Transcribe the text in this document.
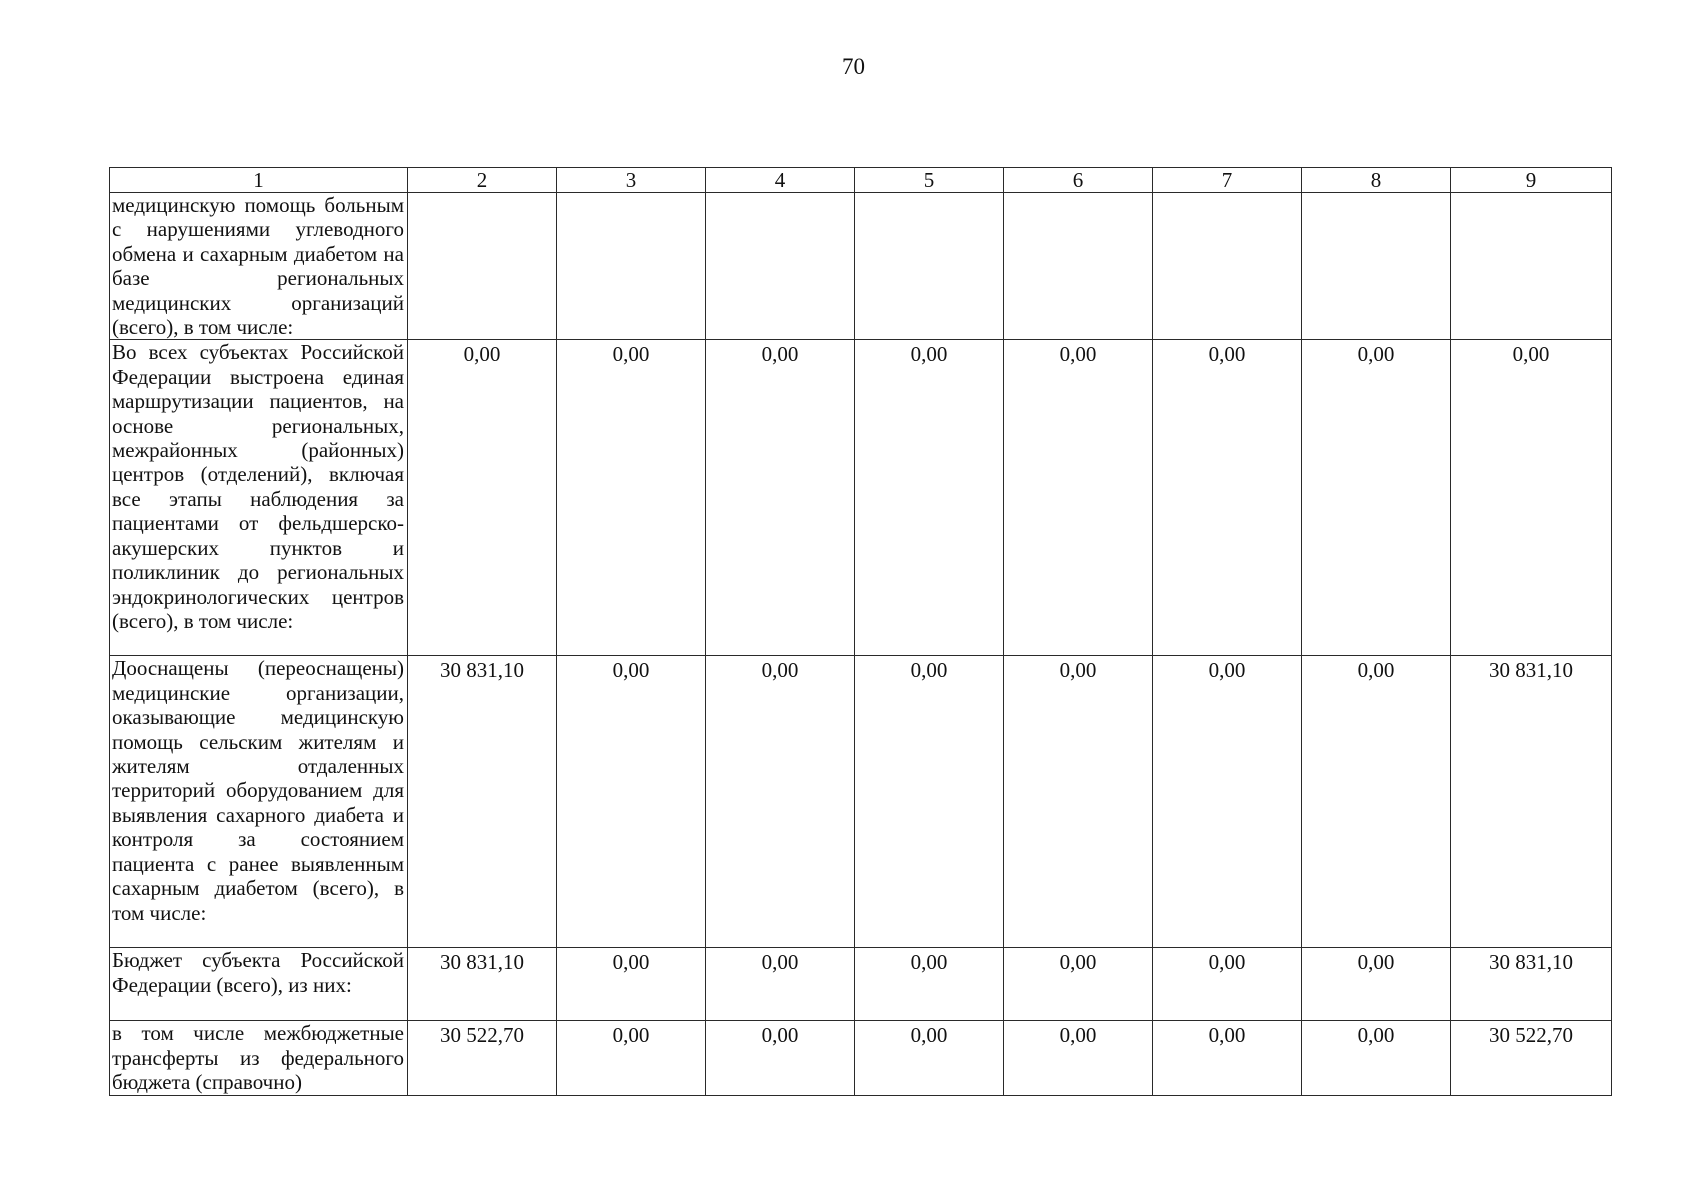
70
1	2	3	4	5	6	7	8	9
медицинскую помощь больным с нарушениями углеводного обмена и сахарным диабетом на базе региональных медицинских организаций (всего), в том числе:								
Во всех субъектах Российской Федерации выстроена единая маршрутизации пациентов, на основе региональных, межрайонных (районных) центров (отделений), включая все этапы наблюдения за пациентами от фельдшерско-акушерских пунктов и поликлиник до региональных эндокринологических центров (всего), в том числе:	0,00	0,00	0,00	0,00	0,00	0,00	0,00	0,00
Дооснащены (переоснащены) медицинские организации, оказывающие медицинскую помощь сельским жителям и жителям отдаленных территорий оборудованием для выявления сахарного диабета и контроля за состоянием пациента с ранее выявленным сахарным диабетом (всего), в том числе:	30 831,10	0,00	0,00	0,00	0,00	0,00	0,00	30 831,10
Бюджет субъекта Российской Федерации (всего), из них:	30 831,10	0,00	0,00	0,00	0,00	0,00	0,00	30 831,10
в том числе межбюджетные трансферты из федерального бюджета (справочно)	30 522,70	0,00	0,00	0,00	0,00	0,00	0,00	30 522,70
